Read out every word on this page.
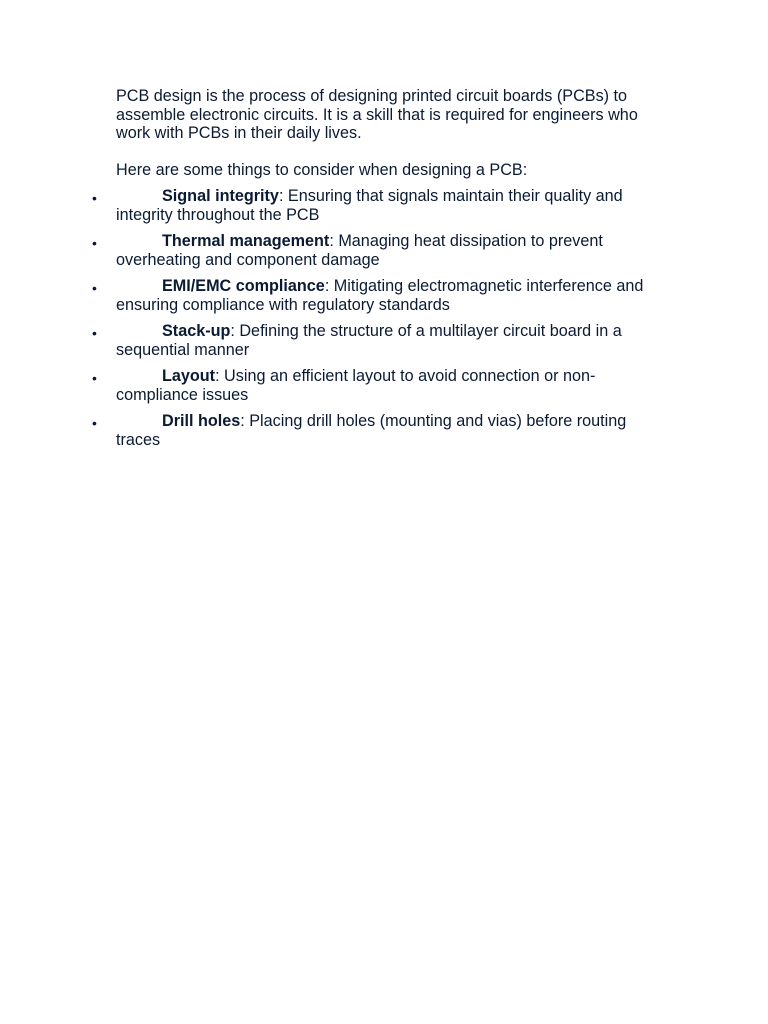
PCB design is the process of designing printed circuit boards (PCBs) to assemble electronic circuits. It is a skill that is required for engineers who work with PCBs in their daily lives.

Here are some things to consider when designing a PCB:

•	Signal integrity: Ensuring that signals maintain their quality and integrity throughout the PCB
•	Thermal management: Managing heat dissipation to prevent overheating and component damage
•	EMI/EMC compliance: Mitigating electromagnetic interference and ensuring compliance with regulatory standards
•	Stack-up: Defining the structure of a multilayer circuit board in a sequential manner
•	Layout: Using an efficient layout to avoid connection or non-compliance issues
•	Drill holes: Placing drill holes (mounting and vias) before routing traces
